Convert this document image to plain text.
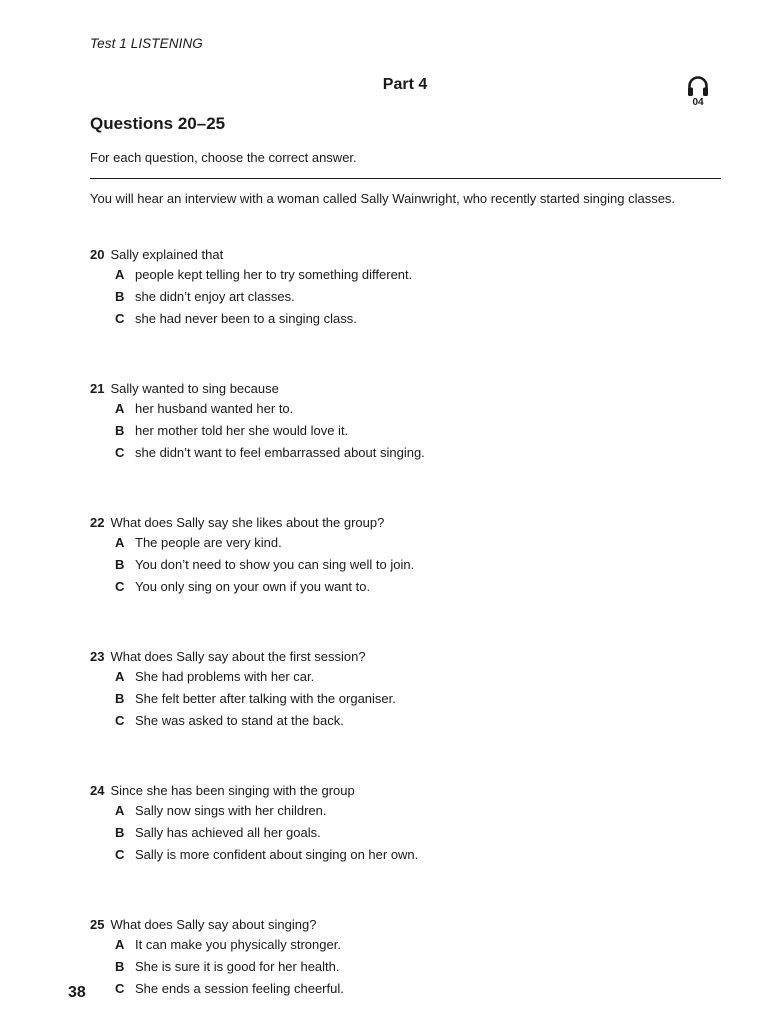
Test 1 LISTENING
Part 4
04
Questions 20–25
For each question, choose the correct answer.
You will hear an interview with a woman called Sally Wainwright, who recently started singing classes.
20 Sally explained that
A people kept telling her to try something different.
B she didn’t enjoy art classes.
C she had never been to a singing class.
21 Sally wanted to sing because
A her husband wanted her to.
B her mother told her she would love it.
C she didn’t want to feel embarrassed about singing.
22 What does Sally say she likes about the group?
A The people are very kind.
B You don’t need to show you can sing well to join.
C You only sing on your own if you want to.
23 What does Sally say about the first session?
A She had problems with her car.
B She felt better after talking with the organiser.
C She was asked to stand at the back.
24 Since she has been singing with the group
A Sally now sings with her children.
B Sally has achieved all her goals.
C Sally is more confident about singing on her own.
25 What does Sally say about singing?
A It can make you physically stronger.
B She is sure it is good for her health.
C She ends a session feeling cheerful.
38
